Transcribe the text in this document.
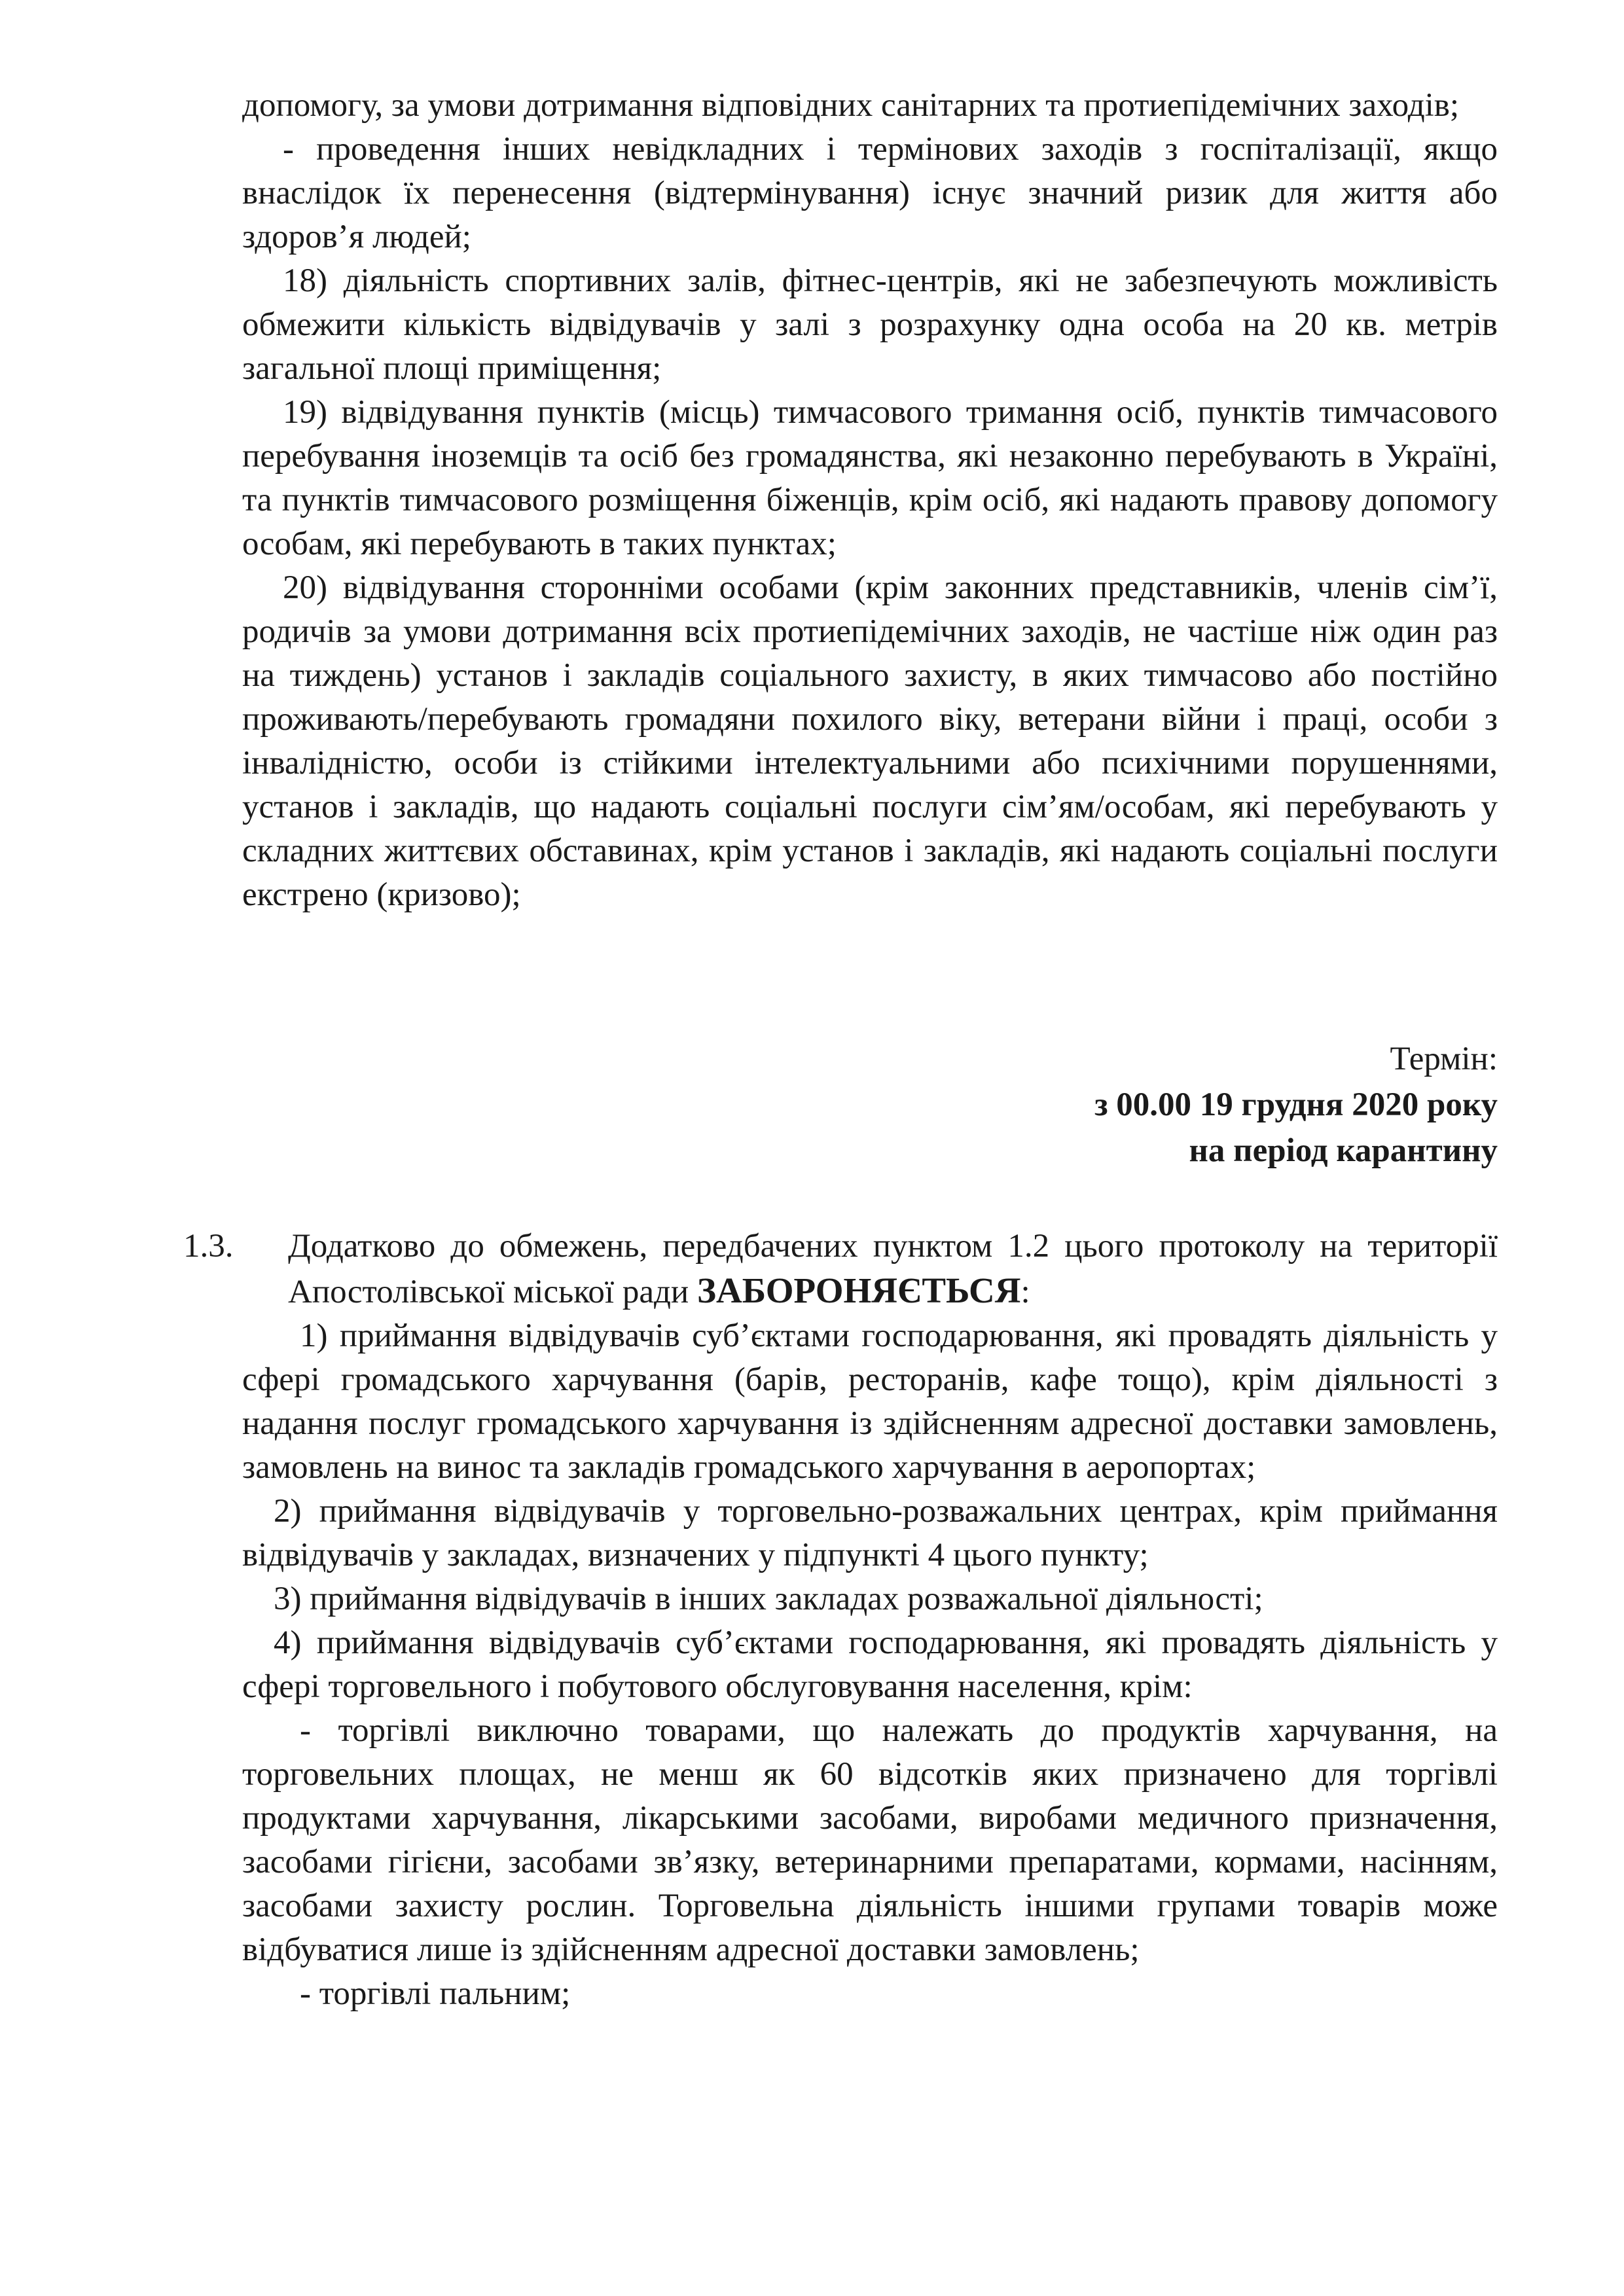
допомогу, за умови дотримання відповідних санітарних та протиепідемічних заходів;

- проведення інших невідкладних і термінових заходів з госпіталізації, якщо внаслідок їх перенесення (відтермінування) існує значний ризик для життя або здоров’я людей;

18) діяльність спортивних залів, фітнес-центрів, які не забезпечують можливість обмежити кількість відвідувачів у залі з розрахунку одна особа на 20 кв. метрів загальної площі приміщення;

19) відвідування пунктів (місць) тимчасового тримання осіб, пунктів тимчасового перебування іноземців та осіб без громадянства, які незаконно перебувають в Україні, та пунктів тимчасового розміщення біженців, крім осіб, які надають правову допомогу особам, які перебувають в таких пунктах;

20) відвідування сторонніми особами (крім законних представників, членів сім’ї, родичів за умови дотримання всіх протиепідемічних заходів, не частіше ніж один раз на тиждень) установ і закладів соціального захисту, в яких тимчасово або постійно проживають/перебувають громадяни похилого віку, ветерани війни і праці, особи з інвалідністю, особи із стійкими інтелектуальними або психічними порушеннями, установ і закладів, що надають соціальні послуги сім’ям/особам, які перебувають у складних життєвих обставинах, крім установ і закладів, які надають соціальні послуги екстрено (кризово);

Термін:
з 00.00 19 грудня 2020 року
на період карантину
1.3.	Додатково до обмежень, передбачених пунктом 1.2 цього протоколу на території Апостолівської міської ради ЗАБОРОНЯЄТЬСЯ:

1) приймання відвідувачів суб’єктами господарювання, які провадять діяльність у сфері громадського харчування (барів, ресторанів, кафе тощо), крім діяльності з надання послуг громадського харчування із здійсненням адресної доставки замовлень, замовлень на винос та закладів громадського харчування в аеропортах;

2) приймання відвідувачів у торговельно-розважальних центрах, крім приймання відвідувачів у закладах, визначених у підпункті 4 цього пункту;

3) приймання відвідувачів в інших закладах розважальної діяльності;

4) приймання відвідувачів суб’єктами господарювання, які провадять діяльність у сфері торговельного і побутового обслуговування населення, крім:

- торгівлі виключно товарами, що належать до продуктів харчування, на торговельних площах, не менш як 60 відсотків яких призначено для торгівлі продуктами харчування, лікарськими засобами, виробами медичного призначення, засобами гігієни, засобами зв’язку, ветеринарними препаратами, кормами, насінням, засобами захисту рослин. Торговельна діяльність іншими групами товарів може відбуватися лише із здійсненням адресної доставки замовлень;

- торгівлі пальним;
